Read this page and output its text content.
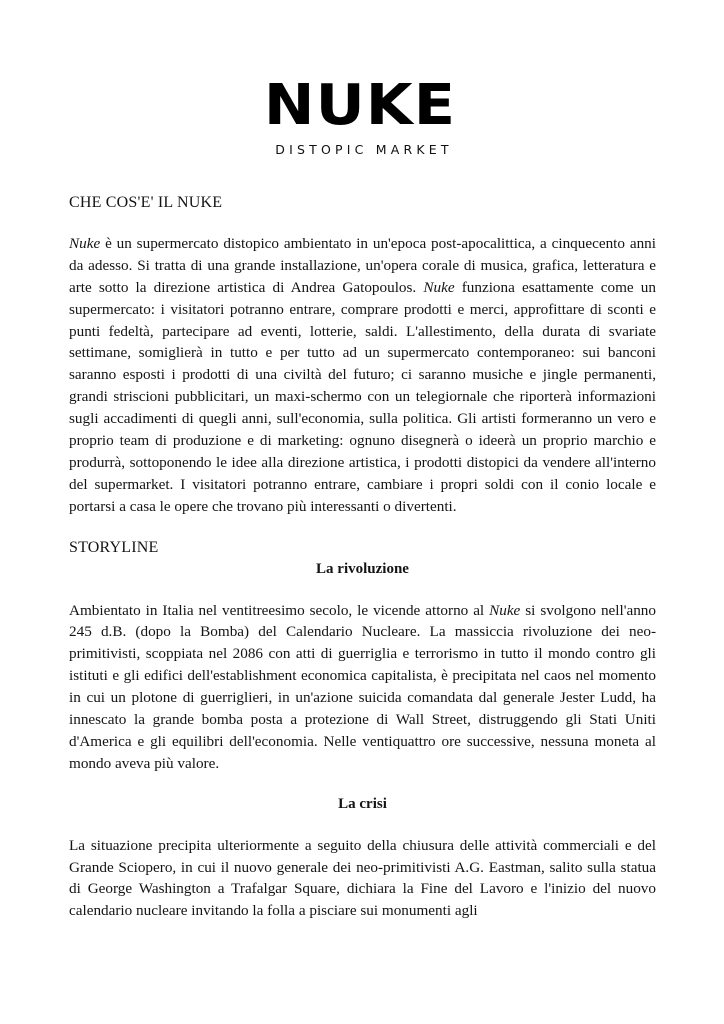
NUKE
DISTOPIC MARKET
CHE COS'E' IL NUKE

Nuke è un supermercato distopico ambientato in un'epoca post-apocalittica, a cinquecento anni da adesso. Si tratta di una grande installazione, un'opera corale di musica, grafica, letteratura e arte sotto la direzione artistica di Andrea Gatopoulos. Nuke funziona esattamente come un supermercato: i visitatori potranno entrare, comprare prodotti e merci, approfittare di sconti e punti fedeltà, partecipare ad eventi, lotterie, saldi. L'allestimento, della durata di svariate settimane, somiglierà in tutto e per tutto ad un supermercato contemporaneo: sui banconi saranno esposti i prodotti di una civiltà del futuro; ci saranno musiche e jingle permanenti, grandi striscioni pubblicitari, un maxi-schermo con un telegiornale che riporterà informazioni sugli accadimenti di quegli anni, sull'economia, sulla politica. Gli artisti formeranno un vero e proprio team di produzione e di marketing: ognuno disegnerà o ideerà un proprio marchio e produrrà, sottoponendo le idee alla direzione artistica, i prodotti distopici da vendere all'interno del supermarket. I visitatori potranno entrare, cambiare i propri soldi con il conio locale e portarsi a casa le opere che trovano più interessanti o divertenti.

STORYLINE
La rivoluzione

Ambientato in Italia nel ventitreesimo secolo, le vicende attorno al Nuke si svolgono nell'anno 245 d.B. (dopo la Bomba) del Calendario Nucleare. La massiccia rivoluzione dei neo-primitivisti, scoppiata nel 2086 con atti di guerriglia e terrorismo in tutto il mondo contro gli istituti e gli edifici dell'establishment economica capitalista, è precipitata nel caos nel momento in cui un plotone di guerriglieri, in un'azione suicida comandata dal generale Jester Ludd, ha innescato la grande bomba posta a protezione di Wall Street, distruggendo gli Stati Uniti d'America e gli equilibri dell'economia. Nelle ventiquattro ore successive, nessuna moneta al mondo aveva più valore.

La crisi

La situazione precipita ulteriormente a seguito della chiusura delle attività commerciali e del Grande Sciopero, in cui il nuovo generale dei neo-primitivisti A.G. Eastman, salito sulla statua di George Washington a Trafalgar Square, dichiara la Fine del Lavoro e l'inizio del nuovo calendario nucleare invitando la folla a pisciare sui monumenti agli
